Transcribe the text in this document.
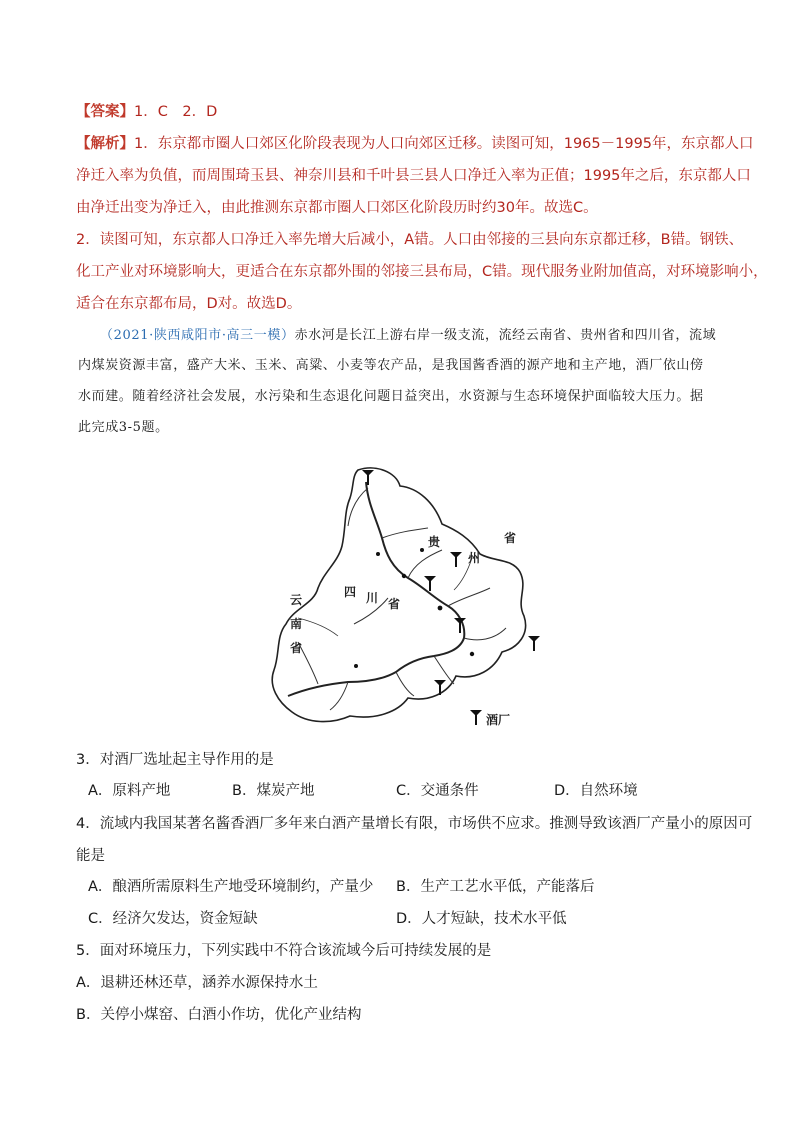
【答案】1．C　2．D
【解析】1．东京都市圈人口郊区化阶段表现为人口向郊区迁移。读图可知，1965－1995年，东京都人口
净迁入率为负值，而周围琦玉县、神奈川县和千叶县三县人口净迁入率为正值；1995年之后，东京都人口
由净迁出变为净迁入，由此推测东京都市圈人口郊区化阶段历时约30年。故选C。
2．读图可知，东京都人口净迁入率先增大后减小，A错。人口由邻接的三县向东京都迁移，B错。钢铁、
化工产业对环境影响大，更适合在东京都外围的邻接三县布局，C错。现代服务业附加值高，对环境影响小，
适合在东京都布局，D对。故选D。
（2021·陕西咸阳市·高三一模）赤水河是长江上游右岸一级支流，流经云南省、贵州省和四川省，流域
内煤炭资源丰富，盛产大米、玉米、高粱、小麦等农产品，是我国酱香酒的源产地和主产地，酒厂依山傍
水而建。随着经济社会发展，水污染和生态退化问题日益突出，水资源与生态环境保护面临较大压力。据
此完成3-5题。
贵
州
省
四 川 省
云
南
省
酒厂
3．对酒厂选址起主导作用的是
A．原料产地	B．煤炭产地	C．交通条件	D．自然环境
4．流域内我国某著名酱香酒厂多年来白酒产量增长有限，市场供不应求。推测导致该酒厂产量小的原因可
能是
A．酿酒所需原料生产地受环境制约，产量少 B．生产工艺水平低，产能落后
C．经济欠发达，资金短缺	D．人才短缺，技术水平低
5．面对环境压力，下列实践中不符合该流域今后可持续发展的是
A．退耕还林还草，涵养水源保持水土
B．关停小煤窑、白酒小作坊，优化产业结构
